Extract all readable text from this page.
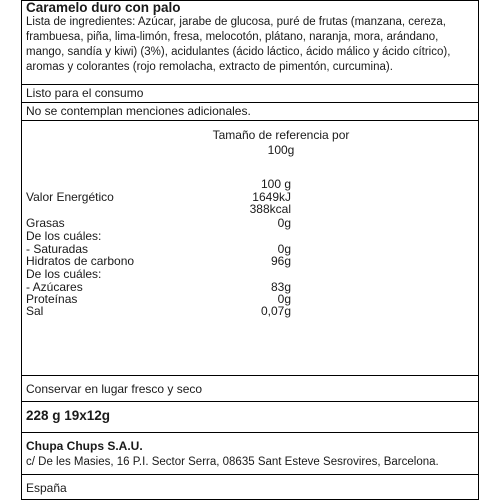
Caramelo duro con palo
Lista de ingredientes: Azúcar, jarabe de glucosa, puré de frutas (manzana, cereza, frambuesa, piña, lima-limón, fresa, melocotón, plátano, naranja, mora, arándano, mango, sandía y kiwi) (3%), acidulantes (ácido láctico, ácido málico y ácido cítrico), aromas y colorantes (rojo remolacha, extracto de pimentón, curcumina).
Listo para el consumo
No se contemplan menciones adicionales.
Tamaño de referencia por
100g
100 g
Valor Energético	1649kJ
388kcal
Grasas	0g
De los cuáles:
- Saturadas	0g
Hidratos de carbono	96g
De los cuáles:
- Azúcares	83g
Proteínas	0g
Sal	0,07g
Conservar en lugar fresco y seco
228 g 19x12g
Chupa Chups S.A.U.
c/ De les Masies, 16 P.I. Sector Serra, 08635 Sant Esteve Sesrovires, Barcelona.
España
